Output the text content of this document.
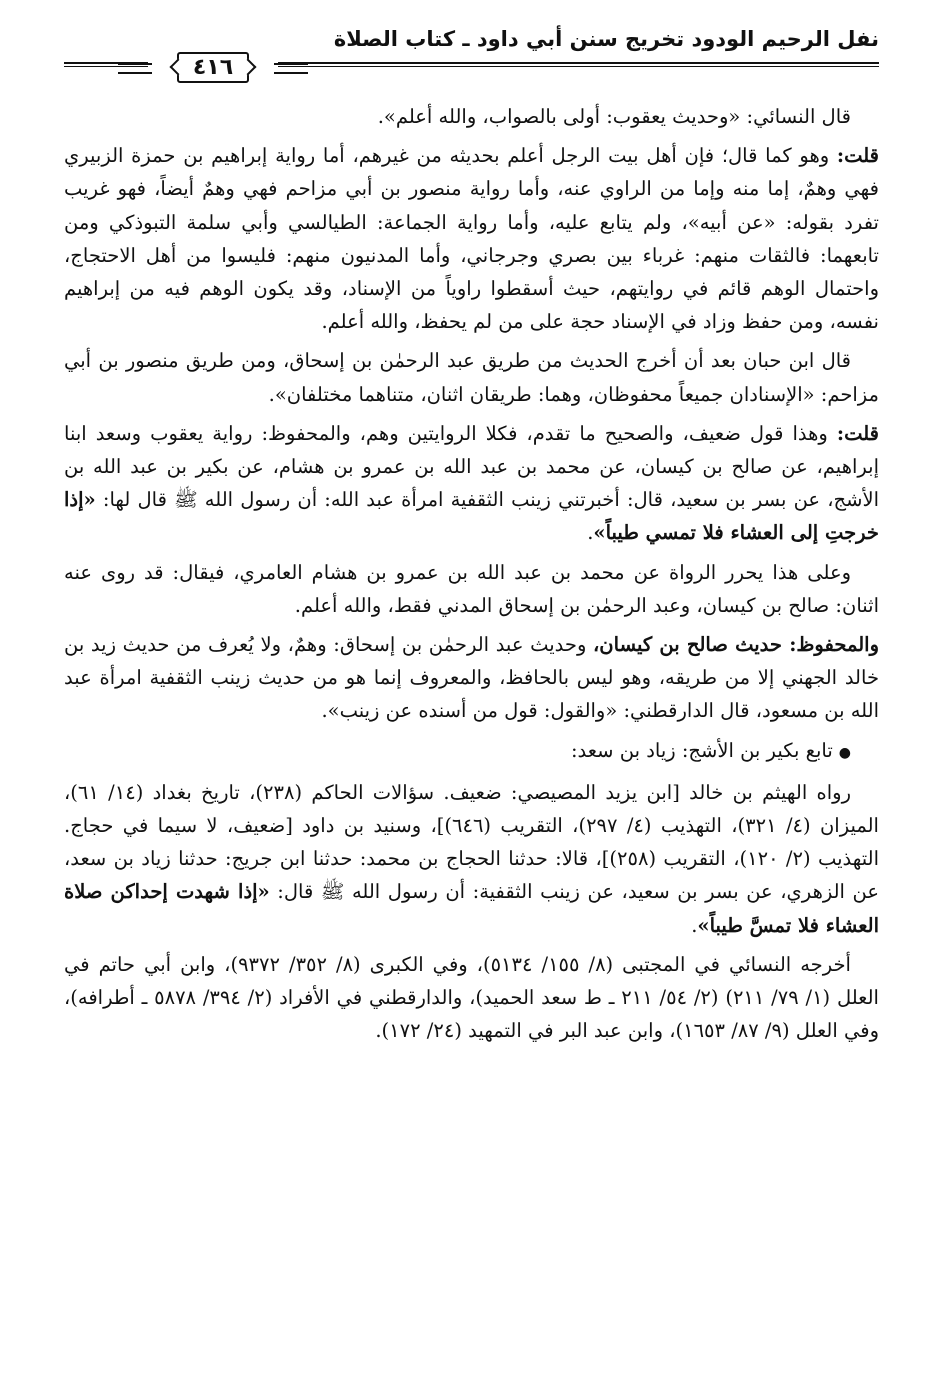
نفل الرحيم الودود تخريج سنن أبي داود ـ كتاب الصلاة
٤١٦

قال النسائي: «وحديث يعقوب: أولى بالصواب، والله أعلم».

قلت: وهو كما قال؛ فإن أهل بيت الرجل أعلم بحديثه من غيرهم، أما رواية إبراهيم بن حمزة الزبيري فهي وهمٌ، إما منه وإما من الراوي عنه، وأما رواية منصور بن أبي مزاحم فهي وهمٌ أيضاً، فهو غريب تفرد بقوله: «عن أبيه»، ولم يتابع عليه، وأما رواية الجماعة: الطيالسي وأبي سلمة التبوذكي ومن تابعهما: فالثقات منهم: غرباء بين بصري وجرجاني، وأما المدنيون منهم: فليسوا من أهل الاحتجاج، واحتمال الوهم قائم في روايتهم، حيث أسقطوا راوياً من الإسناد، وقد يكون الوهم فيه من إبراهيم نفسه، ومن حفظ وزاد في الإسناد حجة على من لم يحفظ، والله أعلم.

قال ابن حبان بعد أن أخرج الحديث من طريق عبد الرحمٰن بن إسحاق، ومن طريق منصور بن أبي مزاحم: «الإسنادان جميعاً محفوظان، وهما: طريقان اثنان، متناهما مختلفان».

قلت: وهذا قول ضعيف، والصحيح ما تقدم، فكلا الروايتين وهم، والمحفوظ: رواية يعقوب وسعد ابنا إبراهيم، عن صالح بن كيسان، عن محمد بن عبد الله بن عمرو بن هشام، عن بكير بن عبد الله بن الأشج، عن بسر بن سعيد، قال: أخبرتني زينب الثقفية امرأة عبد الله: أن رسول الله ﷺ قال لها: «إذا خرجتِ إلى العشاء فلا تمسي طيباً».

وعلى هذا يحرر الرواة عن محمد بن عبد الله بن عمرو بن هشام العامري، فيقال: قد روى عنه اثنان: صالح بن كيسان، وعبد الرحمٰن بن إسحاق المدني فقط، والله أعلم.

والمحفوظ: حديث صالح بن كيسان، وحديث عبد الرحمٰن بن إسحاق: وهمٌ، ولا يُعرف من حديث زيد بن خالد الجهني إلا من طريقه، وهو ليس بالحافظ، والمعروف إنما هو من حديث زينب الثقفية امرأة عبد الله بن مسعود، قال الدارقطني: «والقول: قول من أسنده عن زينب».

●تابع بكير بن الأشج: زياد بن سعد:

رواه الهيثم بن خالد [ابن يزيد المصيصي: ضعيف. سؤالات الحاكم (٢٣٨)، تاريخ بغداد (١٤/ ٦١)، الميزان (٤/ ٣٢١)، التهذيب (٤/ ٢٩٧)، التقريب (٦٤٦)]، وسنيد بن داود [ضعيف، لا سيما في حجاج. التهذيب (٢/ ١٢٠)، التقريب (٢٥٨)]، قالا: حدثنا الحجاج بن محمد: حدثنا ابن جريج: حدثنا زياد بن سعد، عن الزهري، عن بسر بن سعيد، عن زينب الثقفية: أن رسول الله ﷺ قال: «إذا شهدت إحداكن صلاة العشاء فلا تمسَّ طيباً».

أخرجه النسائي في المجتبى (٨/ ١٥٥/ ٥١٣٤)، وفي الكبرى (٨/ ٣٥٢/ ٩٣٧٢)، وابن أبي حاتم في العلل (١/ ٧٩/ ٢١١) (٢/ ٥٤/ ٢١١ ـ ط سعد الحميد)، والدارقطني في الأفراد (٢/ ٣٩٤/ ٥٨٧٨ ـ أطرافه)، وفي العلل (٩/ ٨٧/ ١٦٥٣)، وابن عبد البر في التمهيد (٢٤/ ١٧٢).
